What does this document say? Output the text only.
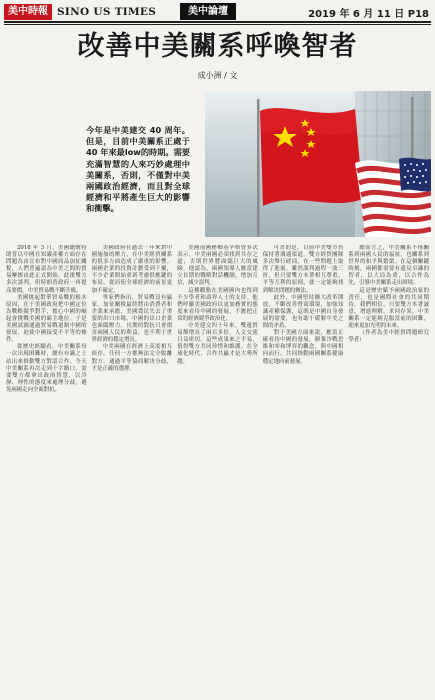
美中時報 SINO US TIMES	美中論壇	2019 年 6 月 11 日 P18
改善中美關系呼喚智者
成小洲 / 文
今年是中美建交 40 周年。但是，目前中美關系正處于 40 年來最low的時期。需要充滿智慧的人來巧妙處理中美關系，否則，不僅對中美兩國政治經濟，而且對全球經濟和平將產生巨大的影響和衝擊。

2018 年 3 月，美國總統特朗普以中國在知識產權方面存在問題為由宣布對中國商品加征關稅，人們普遍認為中美之間的貿易摩擦由此正式開始。此後雙方多次談判，但特朗普政府一再提高要價，中美貿易戰不斷升級。

美國挑起對華貿易戰的根本原因，在于美國政府把中國定位為戰略競爭對手，擔心中國的崛起會挑戰美國的霸主地位。于是美國試圖通過貿易戰遏制中國的發展，迫使中國接受不平等的條件。

從歷史經驗看，中美關系每一次出現困難時，總有有識之士站出來推動雙方對話合作。今天中美關系再次走到十字路口，需要雙方都拿出政治智慧，以冷靜、理性的態度來處理分歧，避免兩國走向全面對抗。

美國政府在過去一年來對中國施加的壓力，在中美經貿關系的很多方面造成了嚴重的影響。兩國企業的投資計劃受到干擾，不少企業開始重新考慮供應鏈的布局，從而使全球經濟的前景更加不確定。

專家們指出，貿易戰沒有贏家。加征關稅最終將由消費者和企業來承擔，美國農民失去了重要的出口市場，中國的出口企業也面臨壓力。長期的對抗只會損害兩國人民的利益，也不利于世界經濟的穩定增長。

中美兩國在經濟上高度相互依存，任何一方都無法完全脫離對方。通過平等協商解決分歧，才是正確的選擇。

美國前國務卿基辛格曾多次表示，中美兩國必須找到共存之道，否則世界將面臨巨大的風險。他認為，兩國領導人應當建立長期的戰略對話機制，增加互信，減少誤判。

這種觀點在美國國內也得到不少學者和商界人士的支持。他們呼籲美國政府以更加務實的態度來看待中國的發展，不應把正常的經濟競爭政治化。

中美建交四十年來，雙邊貿易額增長了兩百多倍，人文交流日益密切。這些成果來之不易，值得雙方共同珍惜和維護。在全球化時代，合作共贏才是大勢所趨。

可喜的是，目前中美雙方仍保持著溝通渠道。雙方經貿團隊多次舉行磋商，在一些問題上取得了進展。雖然談判過程一波三折，但只要雙方本著相互尊重、平等互利的原則，就一定能夠找到解決問題的辦法。

此外，中國堅持擴大改革開放，不斷改善營商環境，加強知識產權保護，這既是中國自身發展的需要，也有助于緩解中美之間的矛盾。

對于美國方面來說，應當正確看待中國的發展，摒棄冷戰思維和零和博弈的觀念，與中國相向而行，共同推動兩國關系健康穩定地向前發展。

總而言之，中美關系不僅關系到兩國人民的福祉，也關系到世界的和平與繁榮。在這個關鍵時刻，兩國都需要有遠見卓識的智者，以大局為重，以合作為先，引導中美關系走出困境。

這是歷史賦予兩國政治家的責任，也是國際社會的共同期待。我們相信，只要雙方本著誠意，增進理解，求同存異，中美關系一定能夠克服當前的困難，迎來更加光明的未來。

（作者為美中經貿問題研究學者）
